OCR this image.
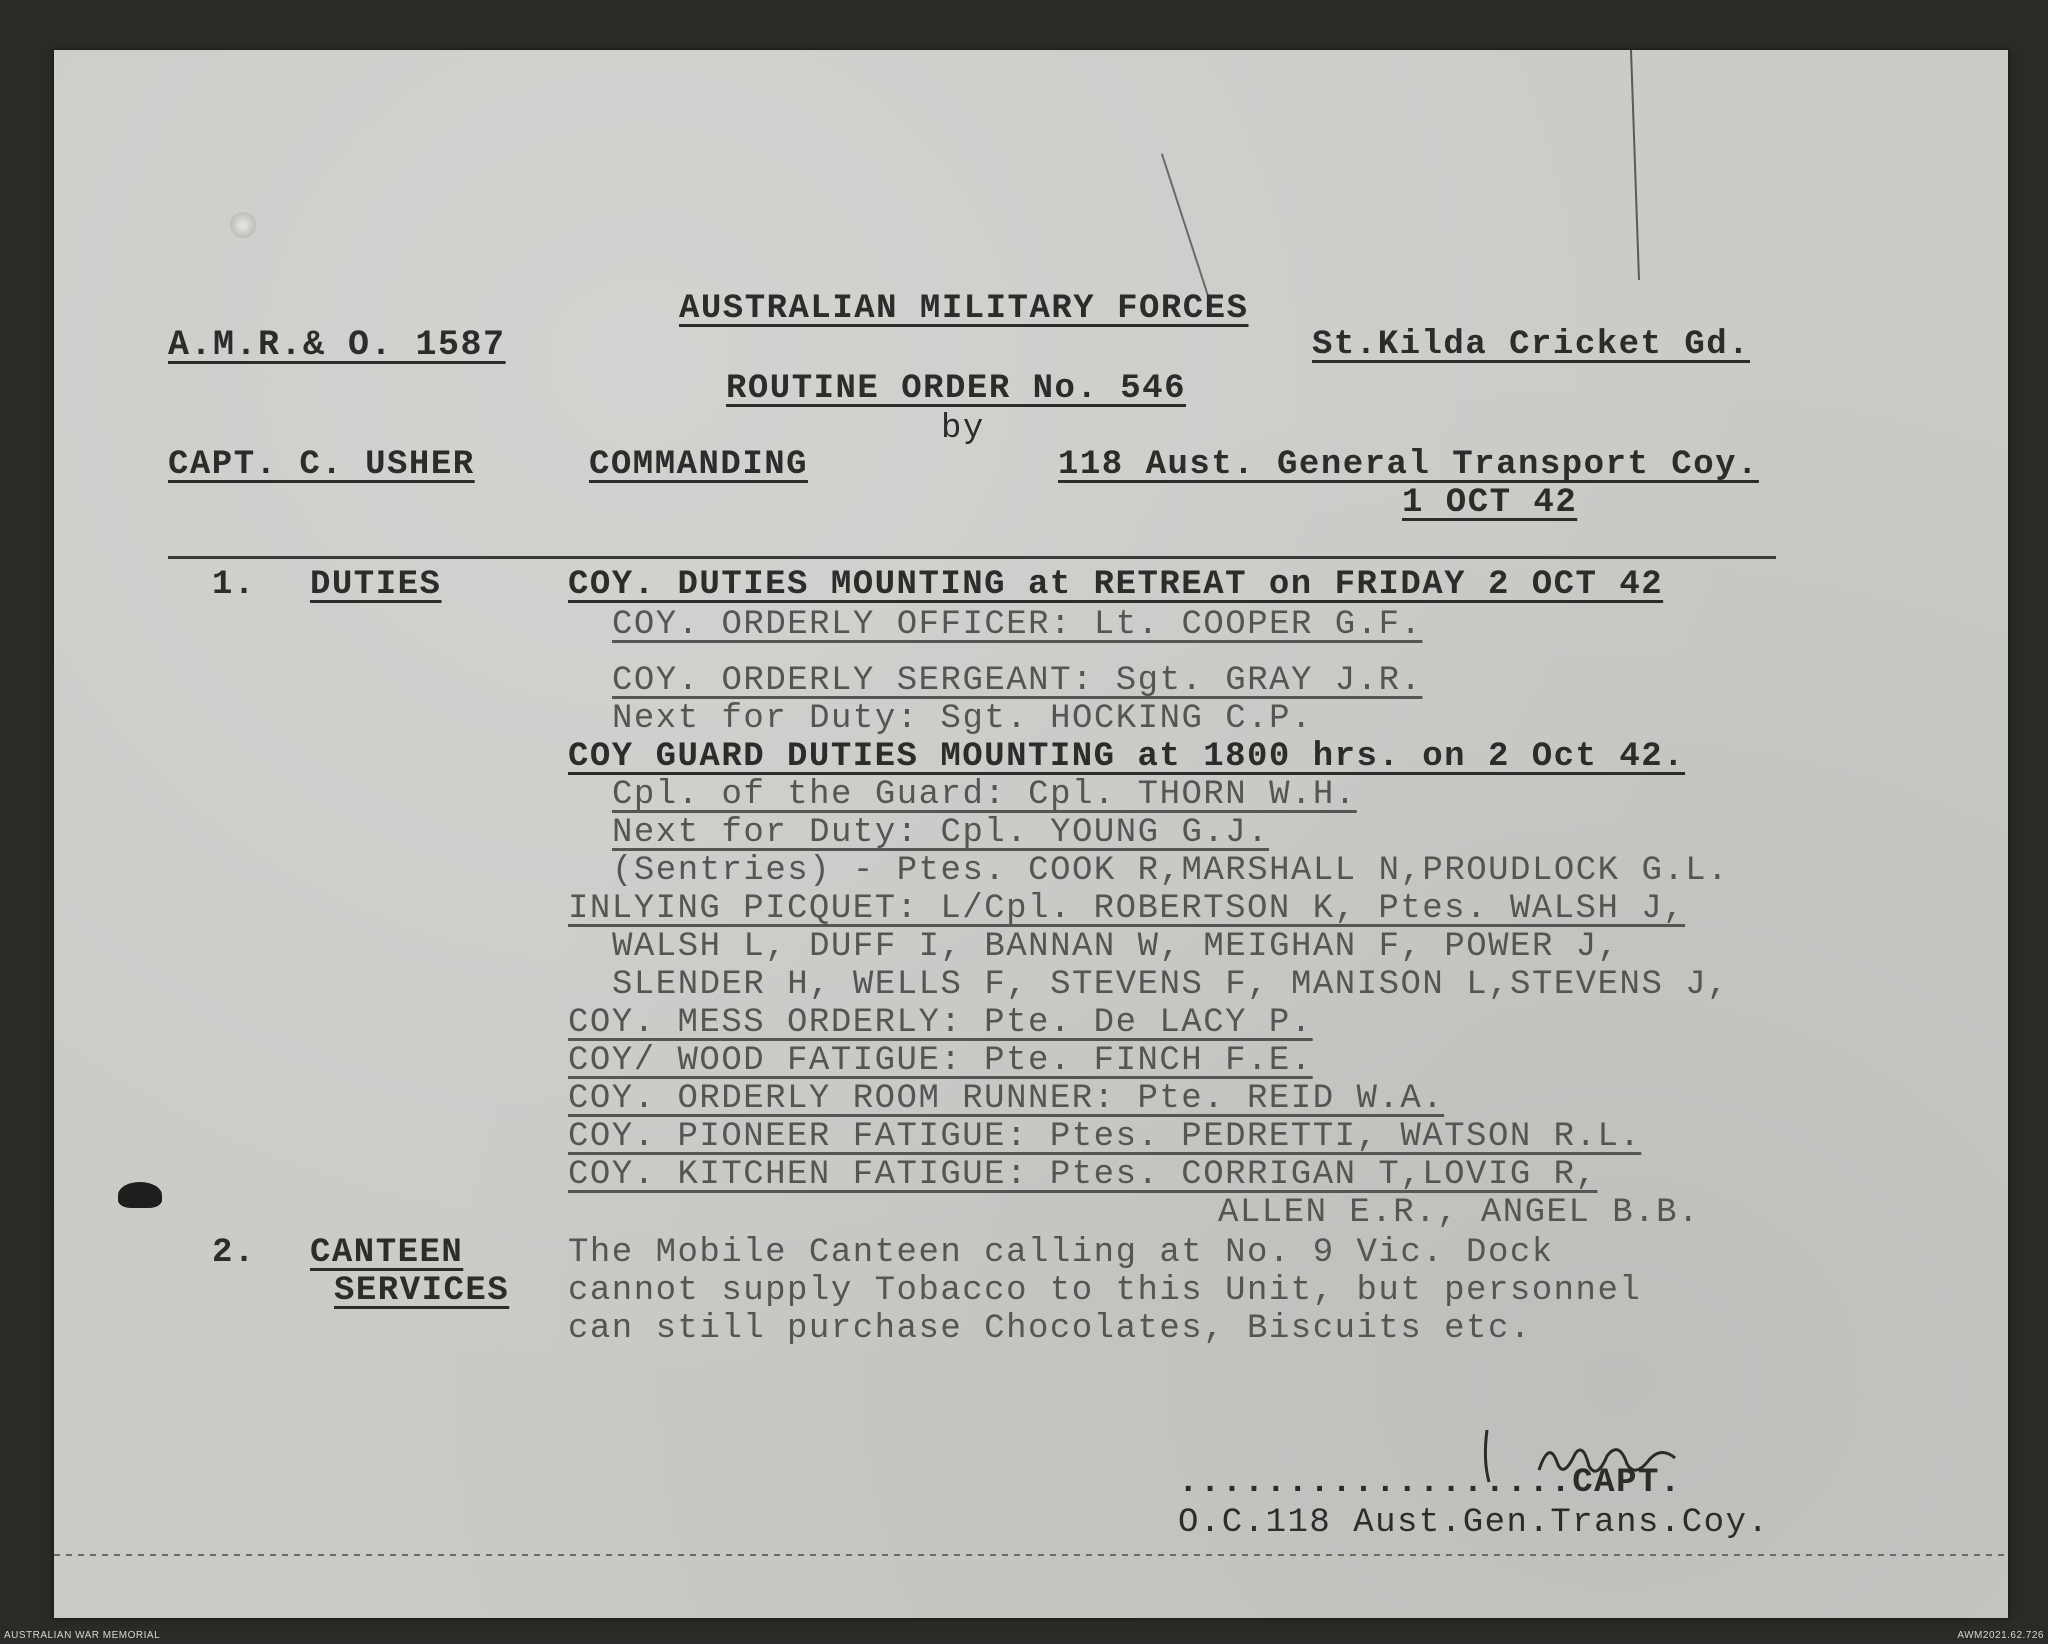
AUSTRALIAN MILITARY FORCES
A.M.R.& O. 1587	St.Kilda Cricket Gd.
ROUTINE ORDER No. 546
by
CAPT. C. USHER	COMMANDING	118 Aust. General Transport Coy.
1 OCT 42
1. DUTIES	COY. DUTIES MOUNTING at RETREAT on FRIDAY 2 OCT 42
COY. ORDERLY OFFICER: Lt. COOPER G.F.
COY. ORDERLY SERGEANT: Sgt. GRAY J.R.
Next for Duty: Sgt. HOCKING C.P.
COY GUARD DUTIES MOUNTING at 1800 hrs. on 2 Oct 42.
Cpl. of the Guard: Cpl. THORN W.H.
Next for Duty: Cpl. YOUNG G.J.
(Sentries) - Ptes. COOK R,MARSHALL N,PROUDLOCK G.L.
INLYING PICQUET: L/Cpl. ROBERTSON K, Ptes. WALSH J,
WALSH L, DUFF I, BANNAN W, MEIGHAN F, POWER J,
SLENDER H, WELLS F, STEVENS F, MANISON L,STEVENS J,
COY. MESS ORDERLY: Pte. De LACY P.
COY/ WOOD FATIGUE: Pte. FINCH F.E.
COY. ORDERLY ROOM RUNNER: Pte. REID W.A.
COY. PIONEER FATIGUE: Ptes. PEDRETTI, WATSON R.L.
COY. KITCHEN FATIGUE: Ptes. CORRIGAN T,LOVIG R,
ALLEN E.R., ANGEL B.B.
2. CANTEEN
SERVICES
The Mobile Canteen calling at No. 9 Vic. Dock
cannot supply Tobacco to this Unit, but personnel
can still purchase Chocolates, Biscuits etc.
..................CAPT.
O.C.118 Aust.Gen.Trans.Coy.
AUSTRALIAN WAR MEMORIAL	AWM2021.62.726
